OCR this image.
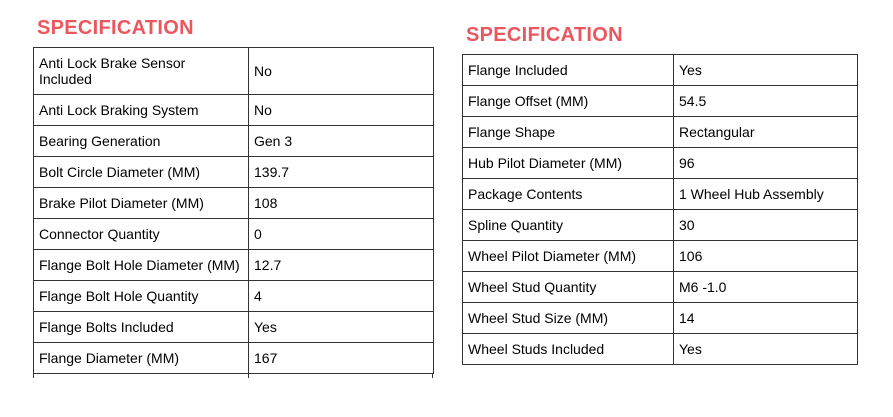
SPECIFICATION
Anti Lock Brake Sensor Included	No
Anti Lock Braking System	No
Bearing Generation	Gen 3
Bolt Circle Diameter (MM)	139.7
Brake Pilot Diameter (MM)	108
Connector Quantity	0
Flange Bolt Hole Diameter (MM)	12.7
Flange Bolt Hole Quantity	4
Flange Bolts Included	Yes
Flange Diameter (MM)	167
SPECIFICATION
Flange Included	Yes
Flange Offset (MM)	54.5
Flange Shape	Rectangular
Hub Pilot Diameter (MM)	96
Package Contents	1 Wheel Hub Assembly
Spline Quantity	30
Wheel Pilot Diameter (MM)	106
Wheel Stud Quantity	M6 -1.0
Wheel Stud Size (MM)	14
Wheel Studs Included	Yes
